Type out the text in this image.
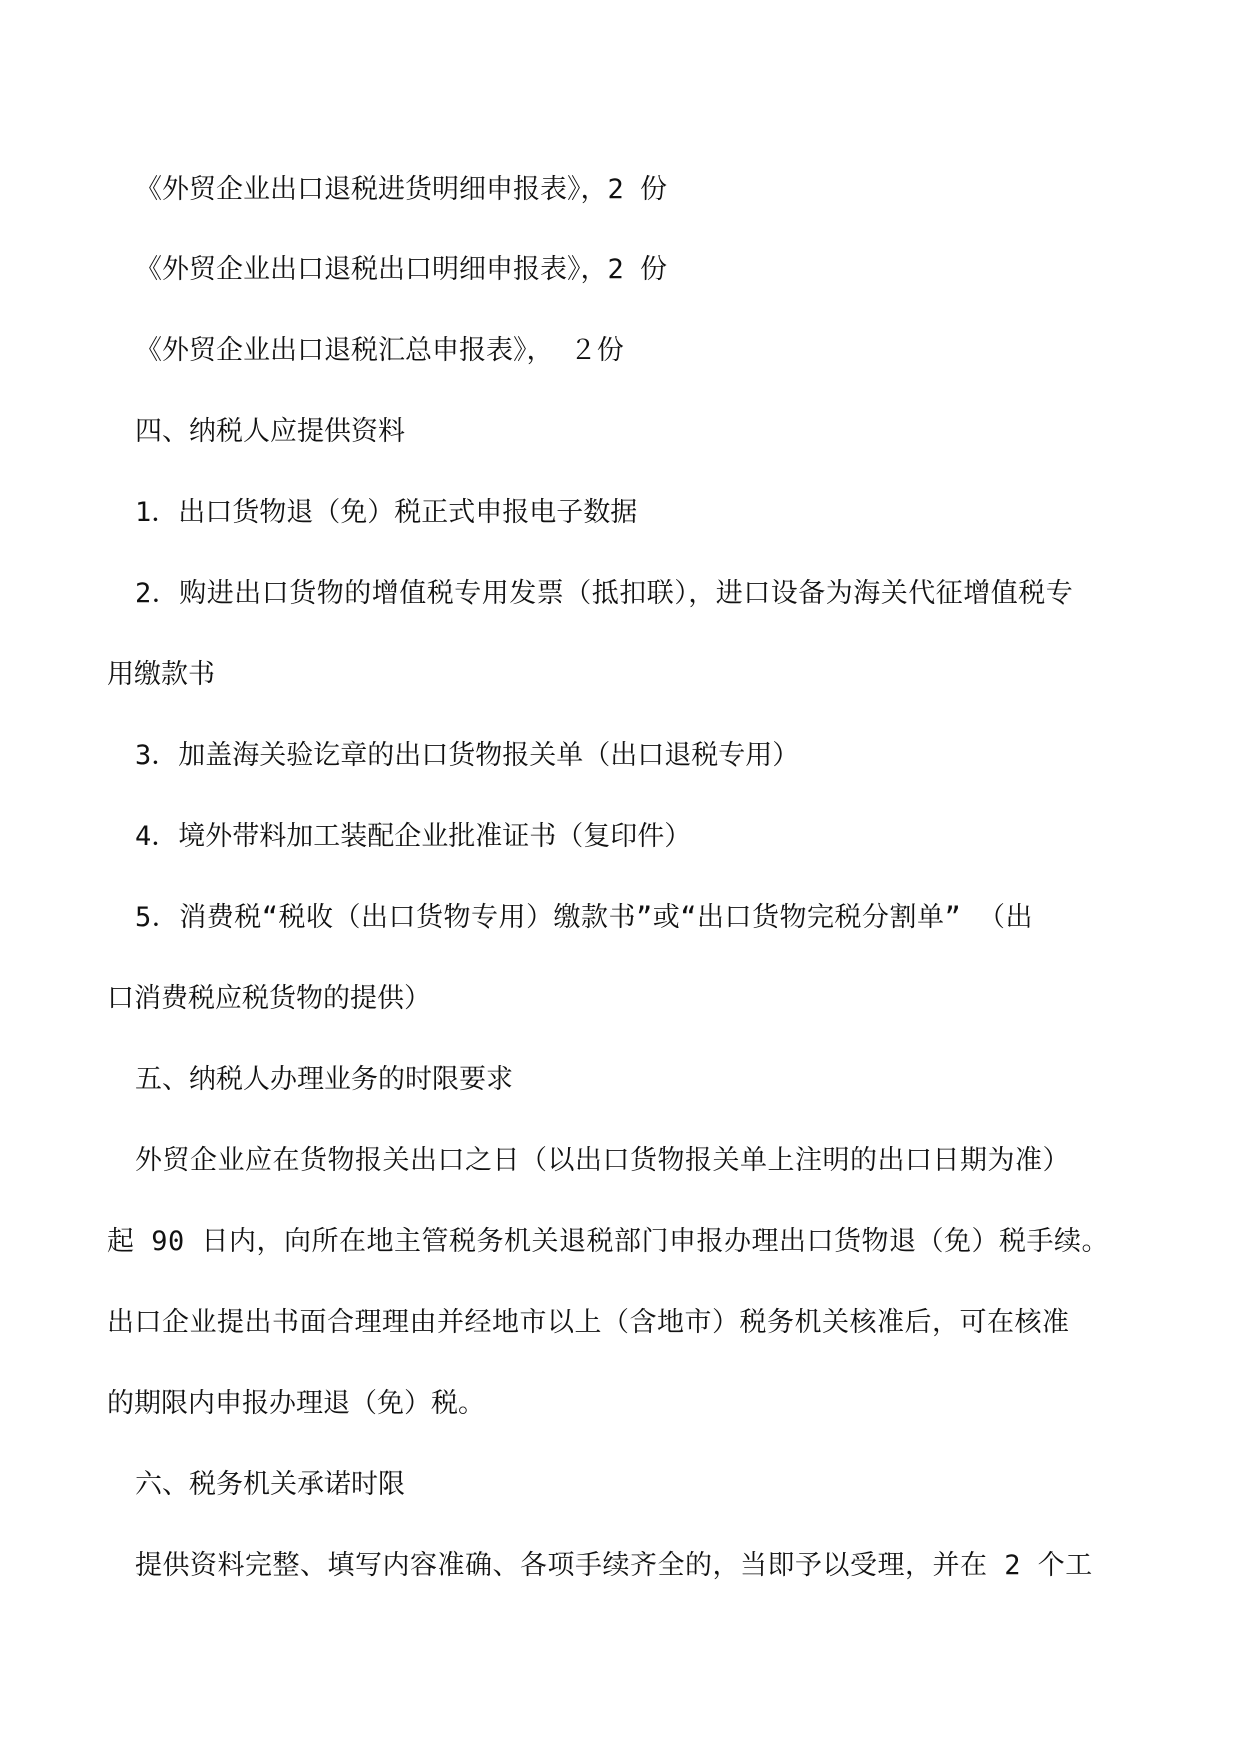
《外贸企业出口退税进货明细申报表》，2 份
《外贸企业出口退税出口明细申报表》，2 份
《外贸企业出口退税汇总申报表》， ２份
四、纳税人应提供资料
1．出口货物退（免）税正式申报电子数据
2．购进出口货物的增值税专用发票（抵扣联），进口设备为海关代征增值税专
用缴款书
3．加盖海关验讫章的出口货物报关单（出口退税专用）
4．境外带料加工装配企业批准证书（复印件）
5．消费税“税收（出口货物专用）缴款书”或“出口货物完税分割单” （出
口消费税应税货物的提供）
五、纳税人办理业务的时限要求
外贸企业应在货物报关出口之日（以出口货物报关单上注明的出口日期为准）
起 90 日内，向所在地主管税务机关退税部门申报办理出口货物退（免）税手续。
出口企业提出书面合理理由并经地市以上（含地市）税务机关核准后，可在核准
的期限内申报办理退（免）税。
六、税务机关承诺时限
提供资料完整、填写内容准确、各项手续齐全的，当即予以受理，并在 2 个工
